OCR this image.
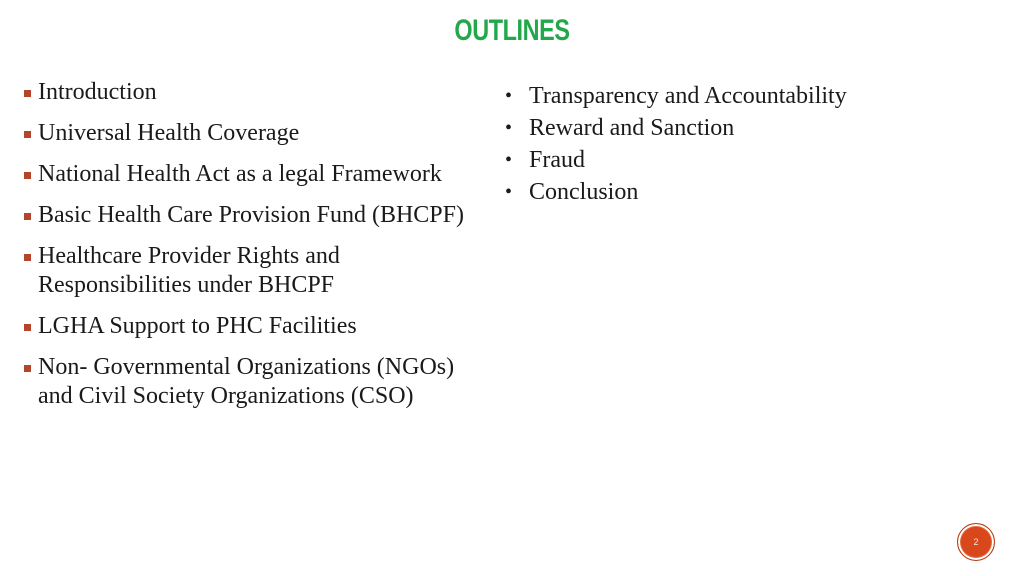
OUTLINES
Introduction
Universal Health Coverage
National Health Act as a legal Framework
Basic Health Care Provision Fund (BHCPF)
Healthcare Provider Rights and Responsibilities under BHCPF
LGHA Support to PHC Facilities
Non- Governmental Organizations (NGOs) and Civil Society Organizations (CSO)
• Transparency and Accountability
• Reward and Sanction
• Fraud
• Conclusion
2
